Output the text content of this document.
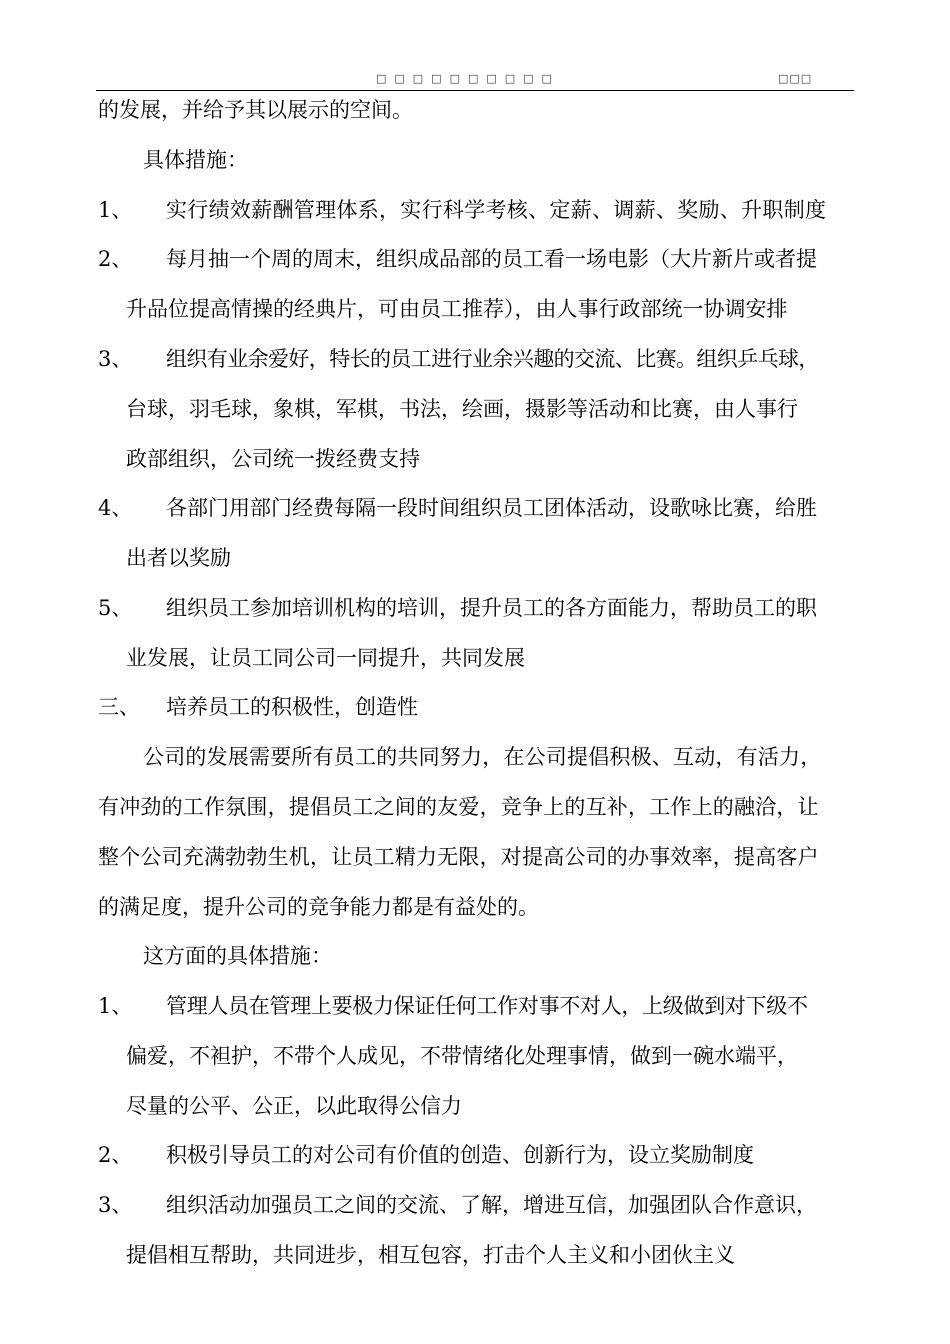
□□□□□□□□□□	□□□
的发展，并给予其以展示的空间。
具体措施：
1、 实行绩效薪酬管理体系，实行科学考核、定薪、调薪、奖励、升职制度
2、 每月抽一个周的周末，组织成品部的员工看一场电影（大片新片或者提
升品位提高情操的经典片，可由员工推荐），由人事行政部统一协调安排
3、 组织有业余爱好，特长的员工进行业余兴趣的交流、比赛。组织乒乓球，
台球，羽毛球，象棋，军棋，书法，绘画，摄影等活动和比赛，由人事行
政部组织，公司统一拨经费支持
4、 各部门用部门经费每隔一段时间组织员工团体活动，设歌咏比赛，给胜
出者以奖励
5、 组织员工参加培训机构的培训，提升员工的各方面能力，帮助员工的职
业发展，让员工同公司一同提升，共同发展
三、 培养员工的积极性，创造性
公司的发展需要所有员工的共同努力，在公司提倡积极、互动，有活力，
有冲劲的工作氛围，提倡员工之间的友爱，竞争上的互补，工作上的融洽，让
整个公司充满勃勃生机，让员工精力无限，对提高公司的办事效率，提高客户
的满足度，提升公司的竞争能力都是有益处的。
这方面的具体措施：
1、 管理人员在管理上要极力保证任何工作对事不对人，上级做到对下级不
偏爱，不袒护，不带个人成见，不带情绪化处理事情，做到一碗水端平，
尽量的公平、公正，以此取得公信力
2、 积极引导员工的对公司有价值的创造、创新行为，设立奖励制度
3、 组织活动加强员工之间的交流、了解，增进互信，加强团队合作意识，
提倡相互帮助，共同进步，相互包容，打击个人主义和小团伙主义
